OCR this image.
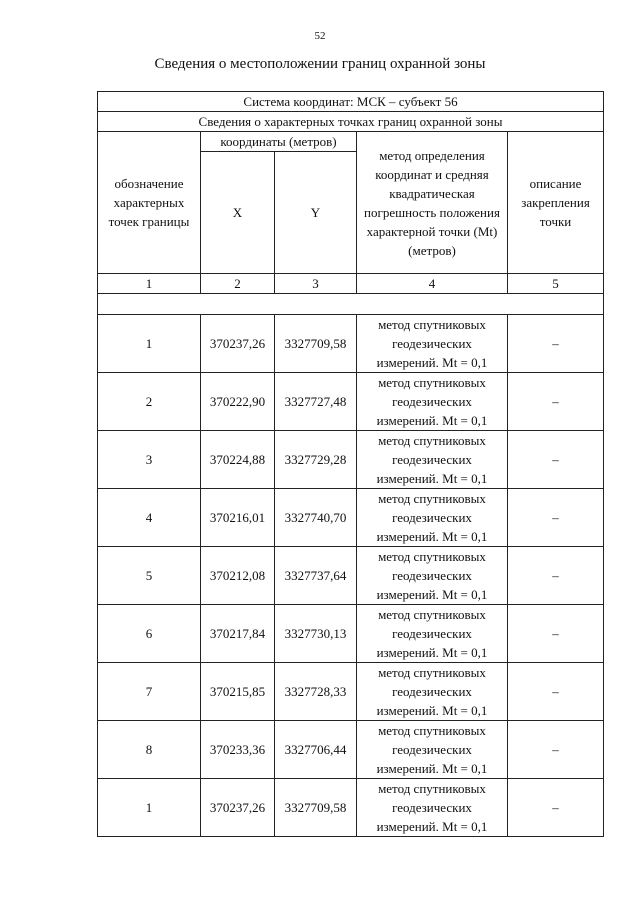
52
Сведения о местоположении границ охранной зоны
Система координат: МСК – субъект 56				
Сведения о характерных точках границ охранной зоны				
обозначение характерных точек границы	координаты (метров)		метод определения координат и средняя квадратическая погрешность положения характерной точки (Mt) (метров)	описание закрепления точки
	X	Y		
1	2	3	4	5

1	370237,26	3327709,58	метод спутниковых геодезических измерений. Mt = 0,1	–
2	370222,90	3327727,48	метод спутниковых геодезических измерений. Mt = 0,1	–
3	370224,88	3327729,28	метод спутниковых геодезических измерений. Mt = 0,1	–
4	370216,01	3327740,70	метод спутниковых геодезических измерений. Mt = 0,1	–
5	370212,08	3327737,64	метод спутниковых геодезических измерений. Mt = 0,1	–
6	370217,84	3327730,13	метод спутниковых геодезических измерений. Mt = 0,1	–
7	370215,85	3327728,33	метод спутниковых геодезических измерений. Mt = 0,1	–
8	370233,36	3327706,44	метод спутниковых геодезических измерений. Mt = 0,1	–
1	370237,26	3327709,58	метод спутниковых геодезических измерений. Mt = 0,1	–
